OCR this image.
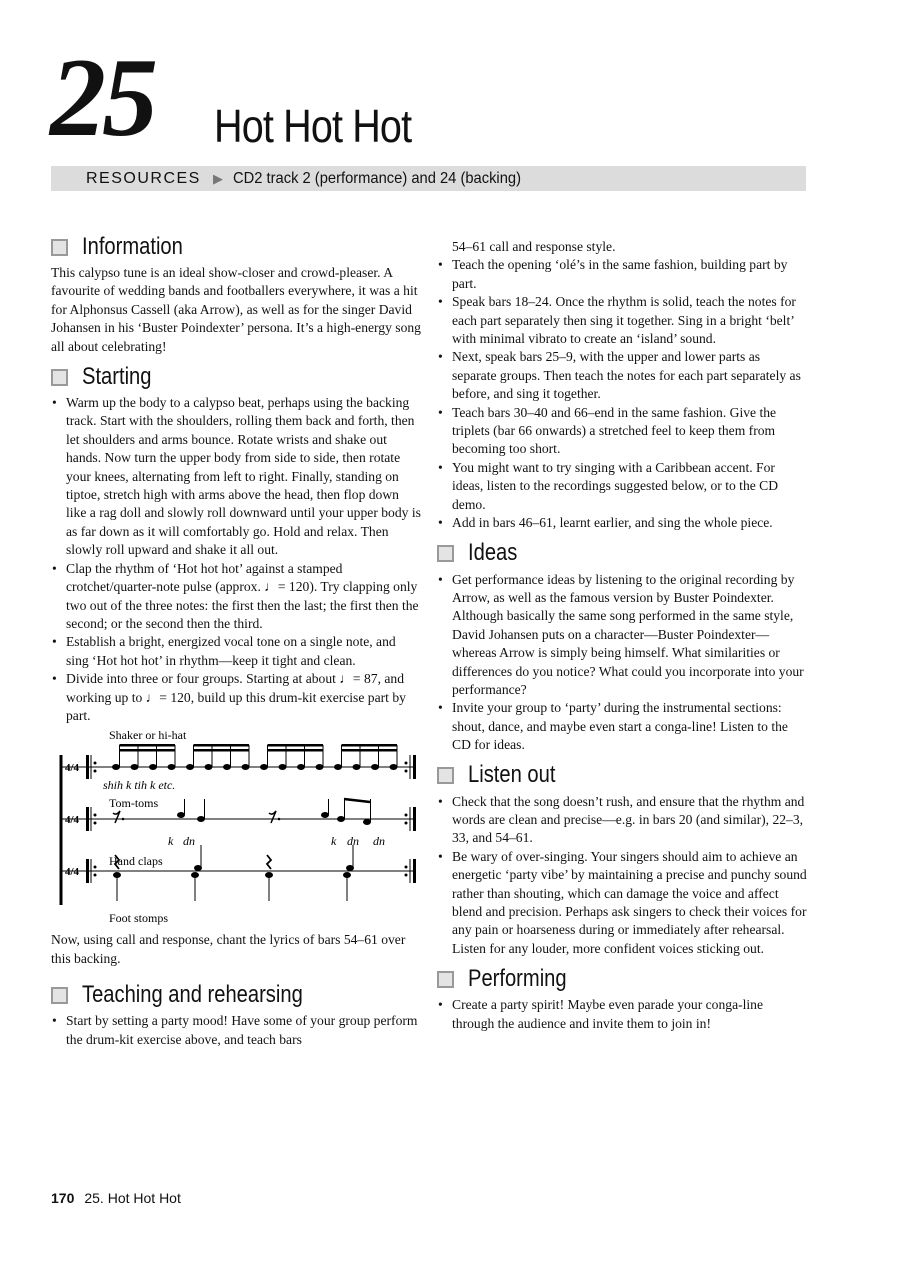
25 Hot Hot Hot
RESOURCES ▶ CD2 track 2 (performance) and 24 (backing)
Information

This calypso tune is an ideal show-closer and crowd-pleaser. A favourite of wedding bands and footballers everywhere, it was a hit for Alphonsus Cassell (aka Arrow), as well as for the singer David Johansen in his ‘Buster Poindexter’ persona. It’s a high-energy song all about celebrating!

Starting
• Warm up the body to a calypso beat, perhaps using the backing track. Start with the shoulders, rolling them back and forth, then let shoulders and arms bounce. Rotate wrists and shake out hands. Now turn the upper body from side to side, then rotate your knees, alternating from left to right. Finally, standing on tiptoe, stretch high with arms above the head, then flop down like a rag doll and slowly roll downward until your upper body is as far down as it will comfortably go. Hold and relax. Then slowly roll upward and shake it all out.
• Clap the rhythm of ‘Hot hot hot’ against a stamped crotchet/quarter-note pulse (approx. ♩= 120). Try clapping only two out of the three notes: the first then the last; the first then the second; or the second then the third.
• Establish a bright, energized vocal tone on a single note, and sing ‘Hot hot hot’ in rhythm—keep it tight and clean.
• Divide into three or four groups. Starting at about ♩= 87, and working up to ♩= 120, build up this drum-kit exercise part by part.
Shaker or hi-hat
shih k tih k etc.
Tom-toms
Hand claps
Foot stomps
k dn	k dn dn
4/4
4/4
4/4

Now, using call and response, chant the lyrics of bars 54–61 over this backing.

Teaching and rehearsing
• Start by setting a party mood! Have some of your group perform the drum-kit exercise above, and teach bars
54–61 call and response style.
• Teach the opening ‘olé’s in the same fashion, building part by part.
• Speak bars 18–24. Once the rhythm is solid, teach the notes for each part separately then sing it together. Sing in a bright ‘belt’ with minimal vibrato to create an ‘island’ sound.
• Next, speak bars 25–9, with the upper and lower parts as separate groups. Then teach the notes for each part separately as before, and sing it together.
• Teach bars 30–40 and 66–end in the same fashion. Give the triplets (bar 66 onwards) a stretched feel to keep them from becoming too short.
• You might want to try singing with a Caribbean accent. For ideas, listen to the recordings suggested below, or to the CD demo.
• Add in bars 46–61, learnt earlier, and sing the whole piece.
Ideas
• Get performance ideas by listening to the original recording by Arrow, as well as the famous version by Buster Poindexter. Although basically the same song performed in the same style, David Johansen puts on a character—Buster Poindexter—whereas Arrow is simply being himself. What similarities or differences do you notice? What could you incorporate into your performance?
• Invite your group to ‘party’ during the instrumental sections: shout, dance, and maybe even start a conga-line! Listen to the CD for ideas.
Listen out
• Check that the song doesn’t rush, and ensure that the rhythm and words are clean and precise—e.g. in bars 20 (and similar), 22–3, 33, and 54–61.
• Be wary of over-singing. Your singers should aim to achieve an energetic ‘party vibe’ by maintaining a precise and punchy sound rather than shouting, which can damage the voice and affect blend and precision. Perhaps ask singers to check their voices for any pain or hoarseness during or immediately after rehearsal. Listen for any louder, more confident voices sticking out.
Performing
• Create a party spirit! Maybe even parade your conga-line through the audience and invite them to join in!
170 25. Hot Hot Hot
